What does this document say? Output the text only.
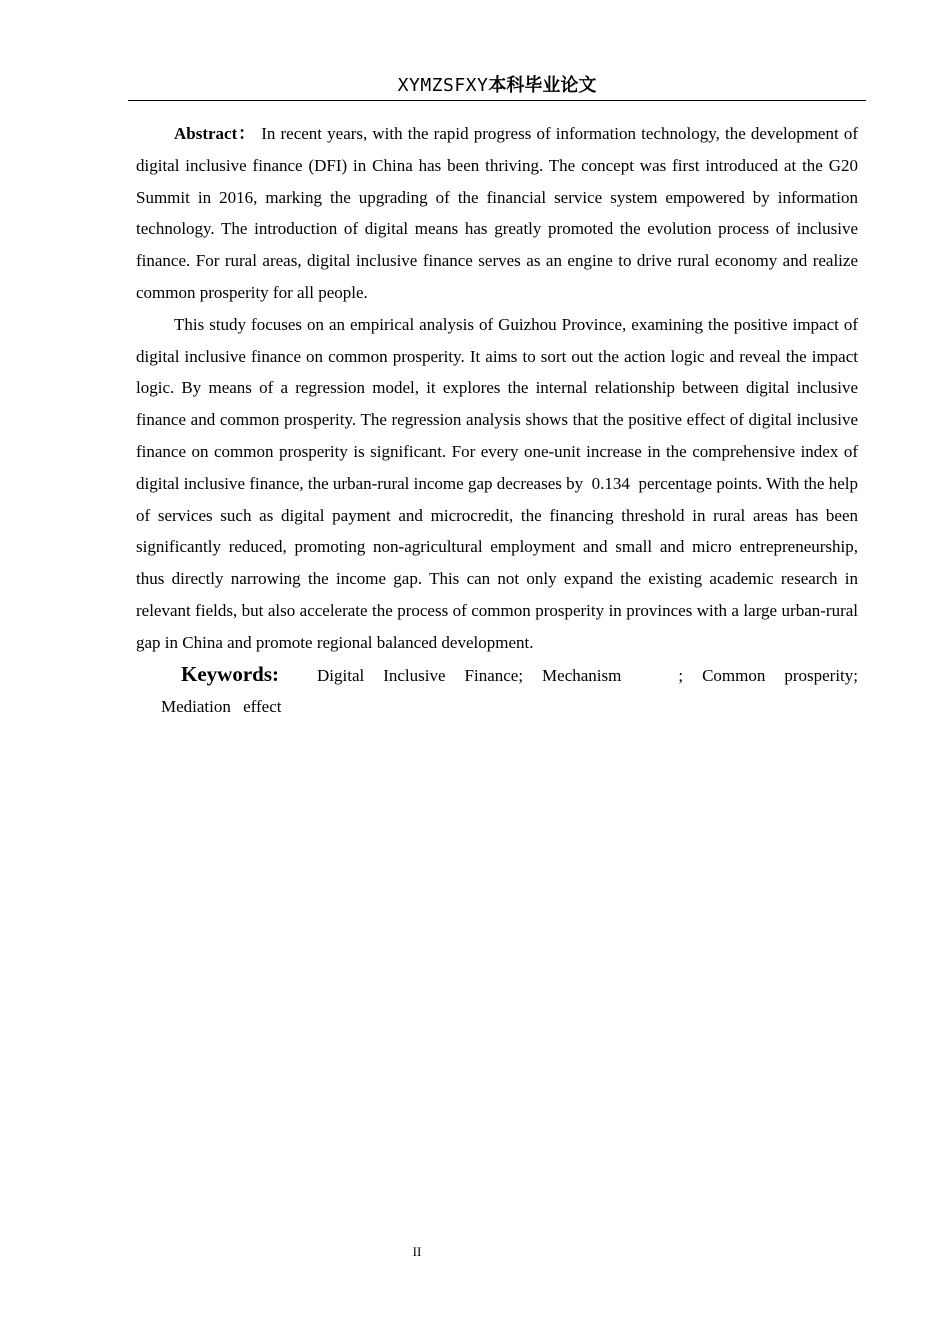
XYMZSFXY本科毕业论文

Abstract： In recent years, with the rapid progress of information technology, the development of digital inclusive finance (DFI) in China has been thriving. The concept was first introduced at the G20 Summit in 2016, marking the upgrading of the financial service system empowered by information technology. The introduction of digital means has greatly promoted the evolution process of inclusive finance. For rural areas, digital inclusive finance serves as an engine to drive rural economy and realize common prosperity for all people.

This study focuses on an empirical analysis of Guizhou Province, examining the positive impact of digital inclusive finance on common prosperity. It aims to sort out the action logic and reveal the impact logic. By means of a regression model, it explores the internal relationship between digital inclusive finance and common prosperity. The regression analysis shows that the positive effect of digital inclusive finance on common prosperity is significant. For every one-unit increase in the comprehensive index of digital inclusive finance, the urban-rural income gap decreases by  0.134  percentage points. With the help of services such as digital payment and microcredit, the financing threshold in rural areas has been significantly reduced, promoting non-agricultural employment and small and micro entrepreneurship, thus directly narrowing the income gap. This can not only expand the existing academic research in relevant fields, but also accelerate the process of common prosperity in provinces with a large urban-rural gap in China and promote regional balanced development.

Keywords: Digital Inclusive Finance; Mechanism   ; Common prosperity; Mediation effect

II
